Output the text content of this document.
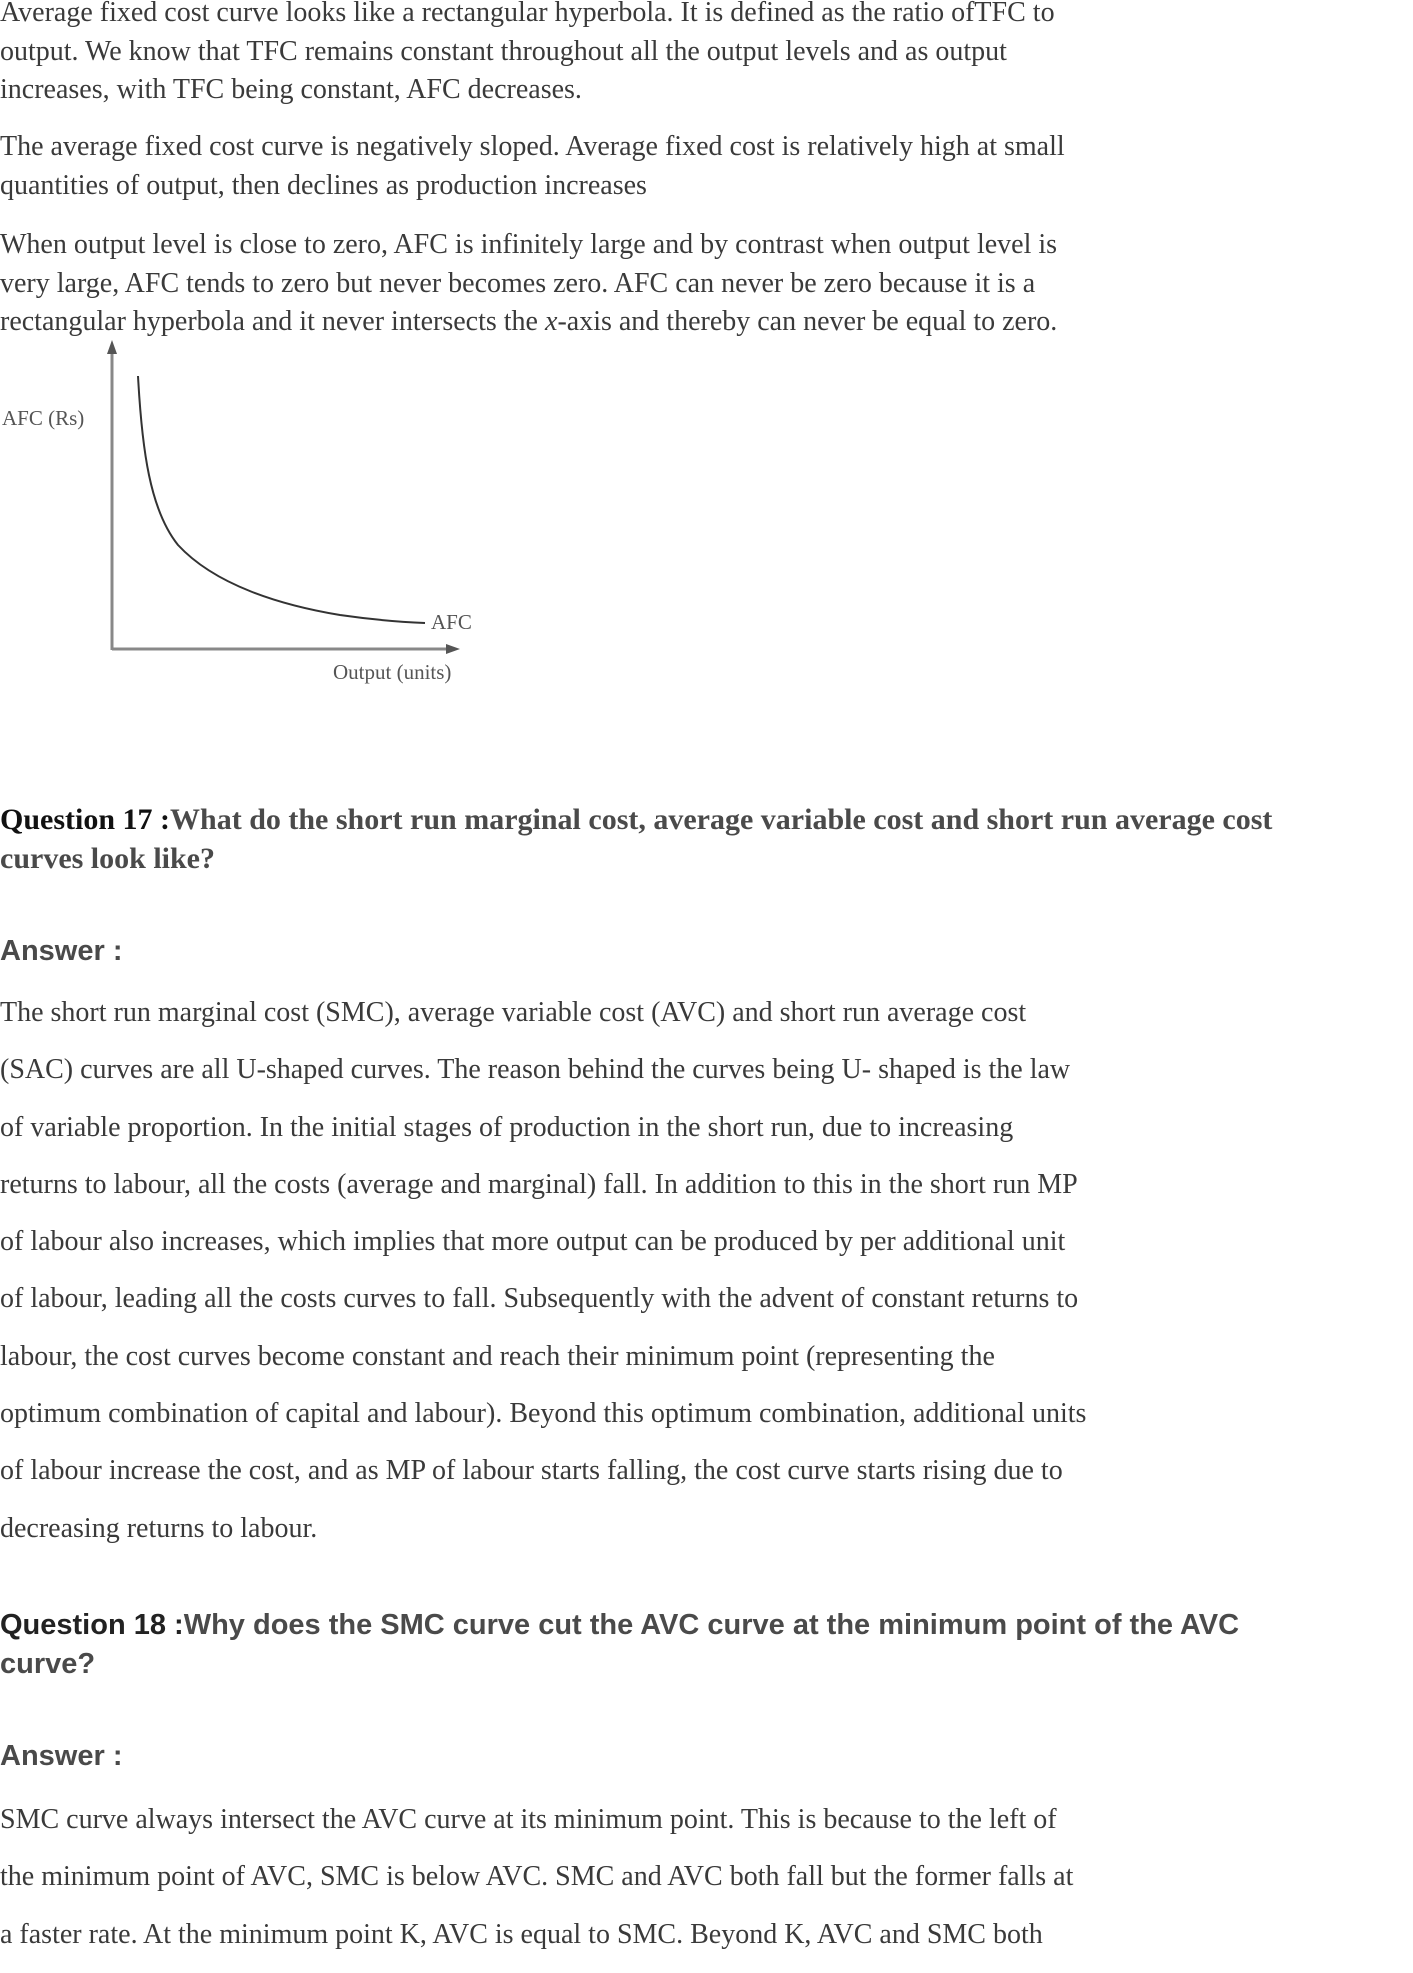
Average fixed cost curve looks like a rectangular hyperbola. It is defined as the ratio ofTFC to
output. We know that TFC remains constant throughout all the output levels and as output
increases, with TFC being constant, AFC decreases.
The average fixed cost curve is negatively sloped. Average fixed cost is relatively high at small
quantities of output, then declines as production increases
When output level is close to zero, AFC is infinitely large and by contrast when output level is
very large, AFC tends to zero but never becomes zero. AFC can never be zero because it is a
rectangular hyperbola and it never intersects the x-axis and thereby can never be equal to zero.
AFC (Rs)
AFC
Output (units)
Question 17 :What do the short run marginal cost, average variable cost and short run average cost
curves look like?
Answer :
The short run marginal cost (SMC), average variable cost (AVC) and short run average cost
(SAC) curves are all U-shaped curves. The reason behind the curves being U- shaped is the law
of variable proportion. In the initial stages of production in the short run, due to increasing
returns to labour, all the costs (average and marginal) fall. In addition to this in the short run MP
of labour also increases, which implies that more output can be produced by per additional unit
of labour, leading all the costs curves to fall. Subsequently with the advent of constant returns to
labour, the cost curves become constant and reach their minimum point (representing the
optimum combination of capital and labour). Beyond this optimum combination, additional units
of labour increase the cost, and as MP of labour starts falling, the cost curve starts rising due to
decreasing returns to labour.
Question 18 :Why does the SMC curve cut the AVC curve at the minimum point of the AVC
curve?
Answer :
SMC curve always intersect the AVC curve at its minimum point. This is because to the left of
the minimum point of AVC, SMC is below AVC. SMC and AVC both fall but the former falls at
a faster rate. At the minimum point K, AVC is equal to SMC. Beyond K, AVC and SMC both
